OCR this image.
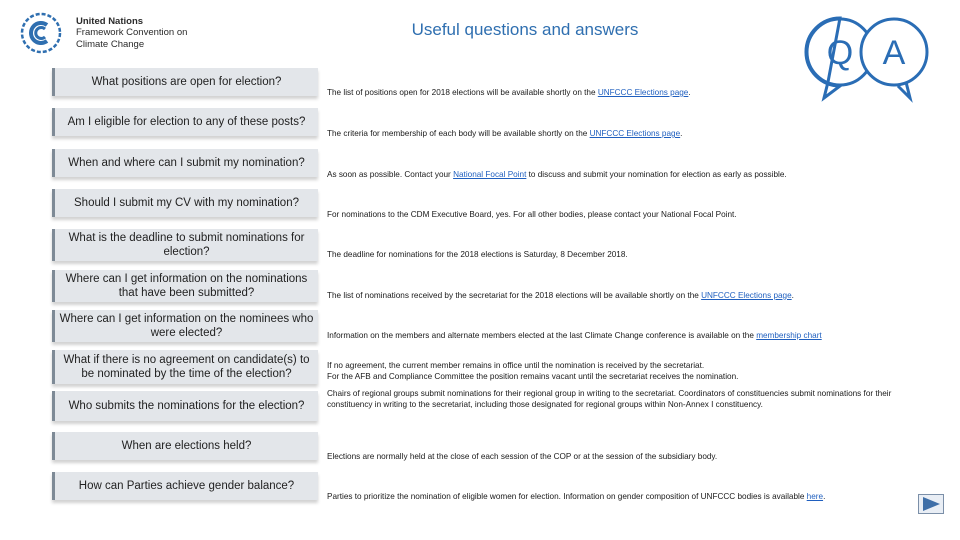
United Nations
Framework Convention on
Climate Change
Useful questions and answers
Q A
What positions are open for election?
The list of positions open for 2018 elections will be available shortly on the UNFCCC Elections page.
Am I eligible for election to any of these posts?
The criteria for membership of each body will be available shortly on the UNFCCC Elections page.
When and where can I submit my nomination?
As soon as possible. Contact your National Focal Point to discuss and submit your nomination for election as early as possible.
Should I submit my CV with my nomination?
For nominations to the CDM Executive Board, yes. For all other bodies, please contact your National Focal Point.
What is the deadline to submit nominations for election?	The deadline for nominations for the 2018 elections is Saturday, 8 December 2018.
Where can I get information on the nominations that have been submitted?	The list of nominations received by the secretariat for the 2018 elections will be available shortly on the UNFCCC Elections page.
Where can I get information on the nominees who were elected?	Information on the members and alternate members elected at the last Climate Change conference is available on the membership chart
What if there is no agreement on candidate(s) to be nominated by the time of the election?
If no agreement, the current member remains in office until the nomination is received by the secretariat.
For the AFB and Compliance Committee the position remains vacant until the secretariat receives the nomination.
Who submits the nominations for the election?
Chairs of regional groups submit nominations for their regional group in writing to the secretariat. Coordinators of constituencies submit nominations for their constituency in writing to the secretariat, including those designated for regional groups within Non-Annex I constituency.
When are elections held?
Elections are normally held at the close of each session of the COP or at the session of the subsidiary body.
How can Parties achieve gender balance?
Parties to prioritize the nomination of eligible women for election. Information on gender composition of UNFCCC bodies is available here.
